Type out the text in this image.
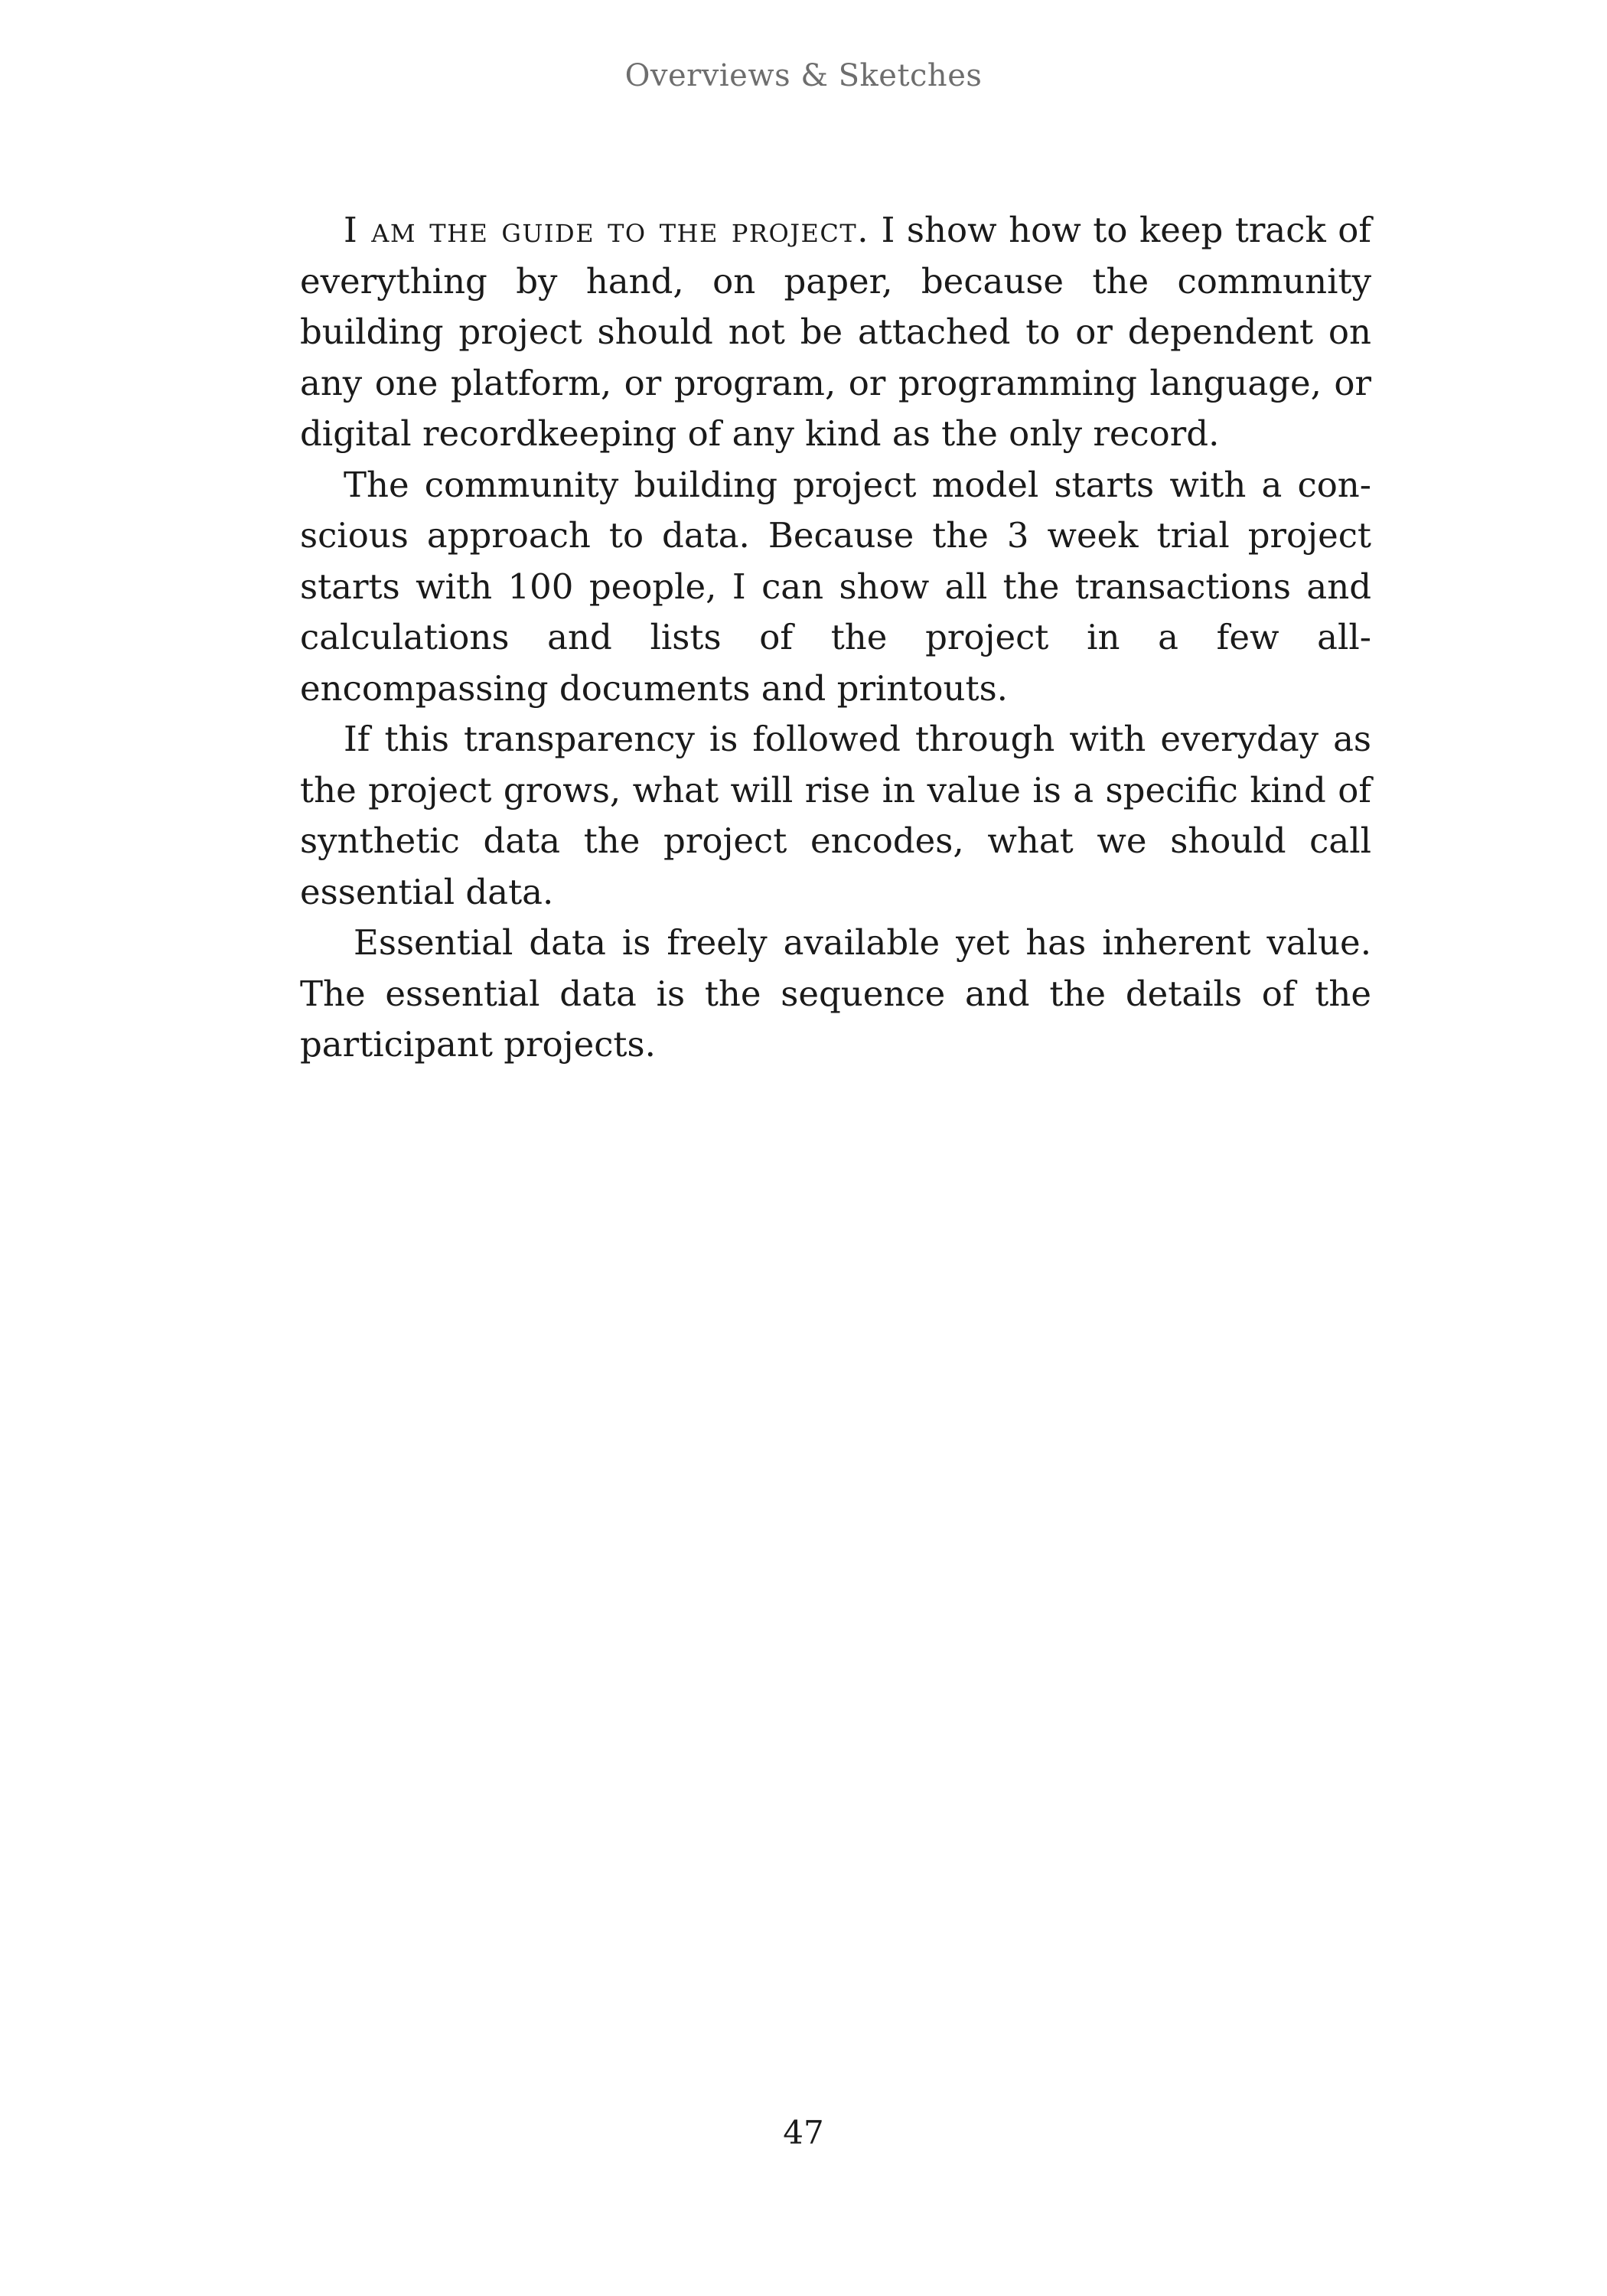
Overviews & Sketches

I am the guide to the project. I show how to keep track of everything by hand, on paper, because the community building project should not be attached to or dependent on any one platform, or program, or programming language, or digital recordkeeping of any kind as the only record.

The community building project model starts with a conscious approach to data. Because the 3 week trial project starts with 100 people, I can show all the transactions and calculations and lists of the project in a few all-encompassing documents and printouts.

If this transparency is followed through with everyday as the project grows, what will rise in value is a specific kind of synthetic data the project encodes, what we should call essential data.

Essential data is freely available yet has inherent value. The essential data is the sequence and the details of the participant projects.

47
